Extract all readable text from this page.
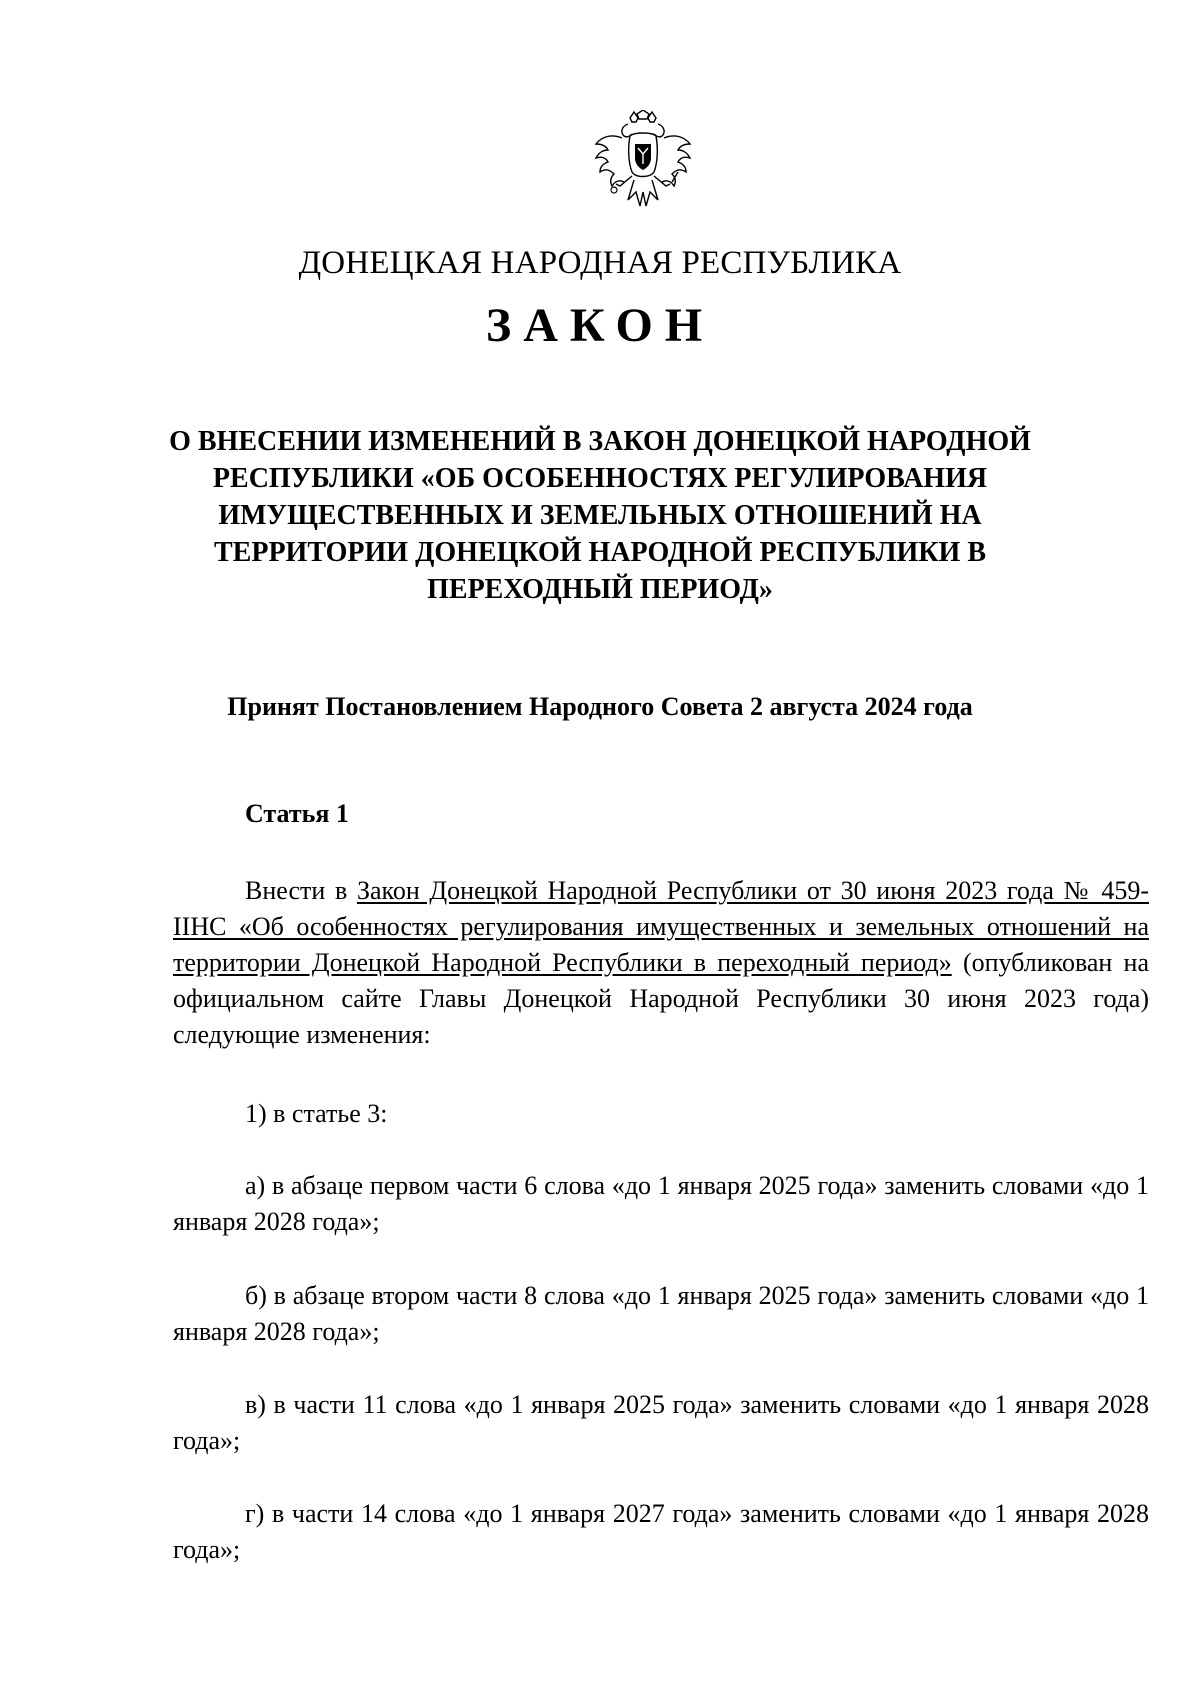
ДОНЕЦКАЯ НАРОДНАЯ РЕСПУБЛИКА
ЗАКОН
О ВНЕСЕНИИ ИЗМЕНЕНИЙ В ЗАКОН ДОНЕЦКОЙ НАРОДНОЙ
РЕСПУБЛИКИ «ОБ ОСОБЕННОСТЯХ РЕГУЛИРОВАНИЯ
ИМУЩЕСТВЕННЫХ И ЗЕМЕЛЬНЫХ ОТНОШЕНИЙ НА
ТЕРРИТОРИИ ДОНЕЦКОЙ НАРОДНОЙ РЕСПУБЛИКИ В
ПЕРЕХОДНЫЙ ПЕРИОД»
Принят Постановлением Народного Совета 2 августа 2024 года
Статья 1

Внести в Закон Донецкой Народной Республики от 30 июня 2023 года № 459-IIНС «Об особенностях регулирования имущественных и земельных отношений на территории Донецкой Народной Республики в переходный период» (опубликован на официальном сайте Главы Донецкой Народной Республики 30 июня 2023 года) следующие изменения:

1) в статье 3:

а) в абзаце первом части 6 слова «до 1 января 2025 года» заменить словами «до 1 января 2028 года»;

б) в абзаце втором части 8 слова «до 1 января 2025 года» заменить словами «до 1 января 2028 года»;

в) в части 11 слова «до 1 января 2025 года» заменить словами «до 1 января 2028 года»;

г) в части 14 слова «до 1 января 2027 года» заменить словами «до 1 января 2028 года»;
